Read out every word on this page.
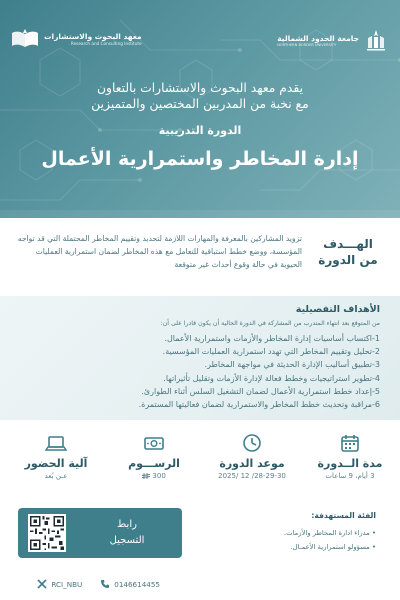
جامعة الحدود الشمالية
NORTHERN BORDER UNIVERSITY
معهد البحوث والاستشارات
Research and Consulting Institute
يقدم معهد البحوث والاستشارات بالتعاون
مع نخبة من المدربين المختصين والمتميزين
الدورة التدريبية
إدارة المخاطر واستمرارية الأعمال
الهـــدف
من الدورة

تزويد المشاركين بالمعرفة والمهارات اللازمة لتحديد وتقييم المخاطر المحتملة التي قد تواجه المؤسسة، ووضع خطط استباقية للتعامل مع هذه المخاطر لضمان استمرارية العمليات الحيوية في حالة وقوع أحداث غير متوقعة

الأهداف التفصيلية
من المتوقع بعد انتهاء المتدرب من المشاركة في الدورة الحالية أن يكون قادرا على أن:
1-اكتساب أساسيات إدارة المخاطر والأزمات واستمرارية الأعمال.
2-تحليل وتقييم المخاطر التي تهدد استمرارية العمليات المؤسسية.
3-تطبيق أساليب الإدارة الحديثة في مواجهة المخاطر.
4-تطوير استراتيجيات وخطط فعالة لإدارة الأزمات وتقليل تأثيراتها.
5-إعداد خطط استمرارية الأعمال لضمان التشغيل السلس أثناء الطوارئ.
6-مراقبة وتحديث خطط المخاطر والاستمرارية لضمان فعاليتها المستمرة.
مدة الــدورة
3 أيام، 9 ساعات
موعد الدورة
28-29-30/ 12 /2025
الرســـوم
300
آلية الحضور
عـن بُعد
الفئة المستهدفة:
• مدراء ادارة المخاطر والأزمات.
• مسؤولو استمرارية الأعمـال.
رابط
التسجيل
RCI_NBU	0146614455
